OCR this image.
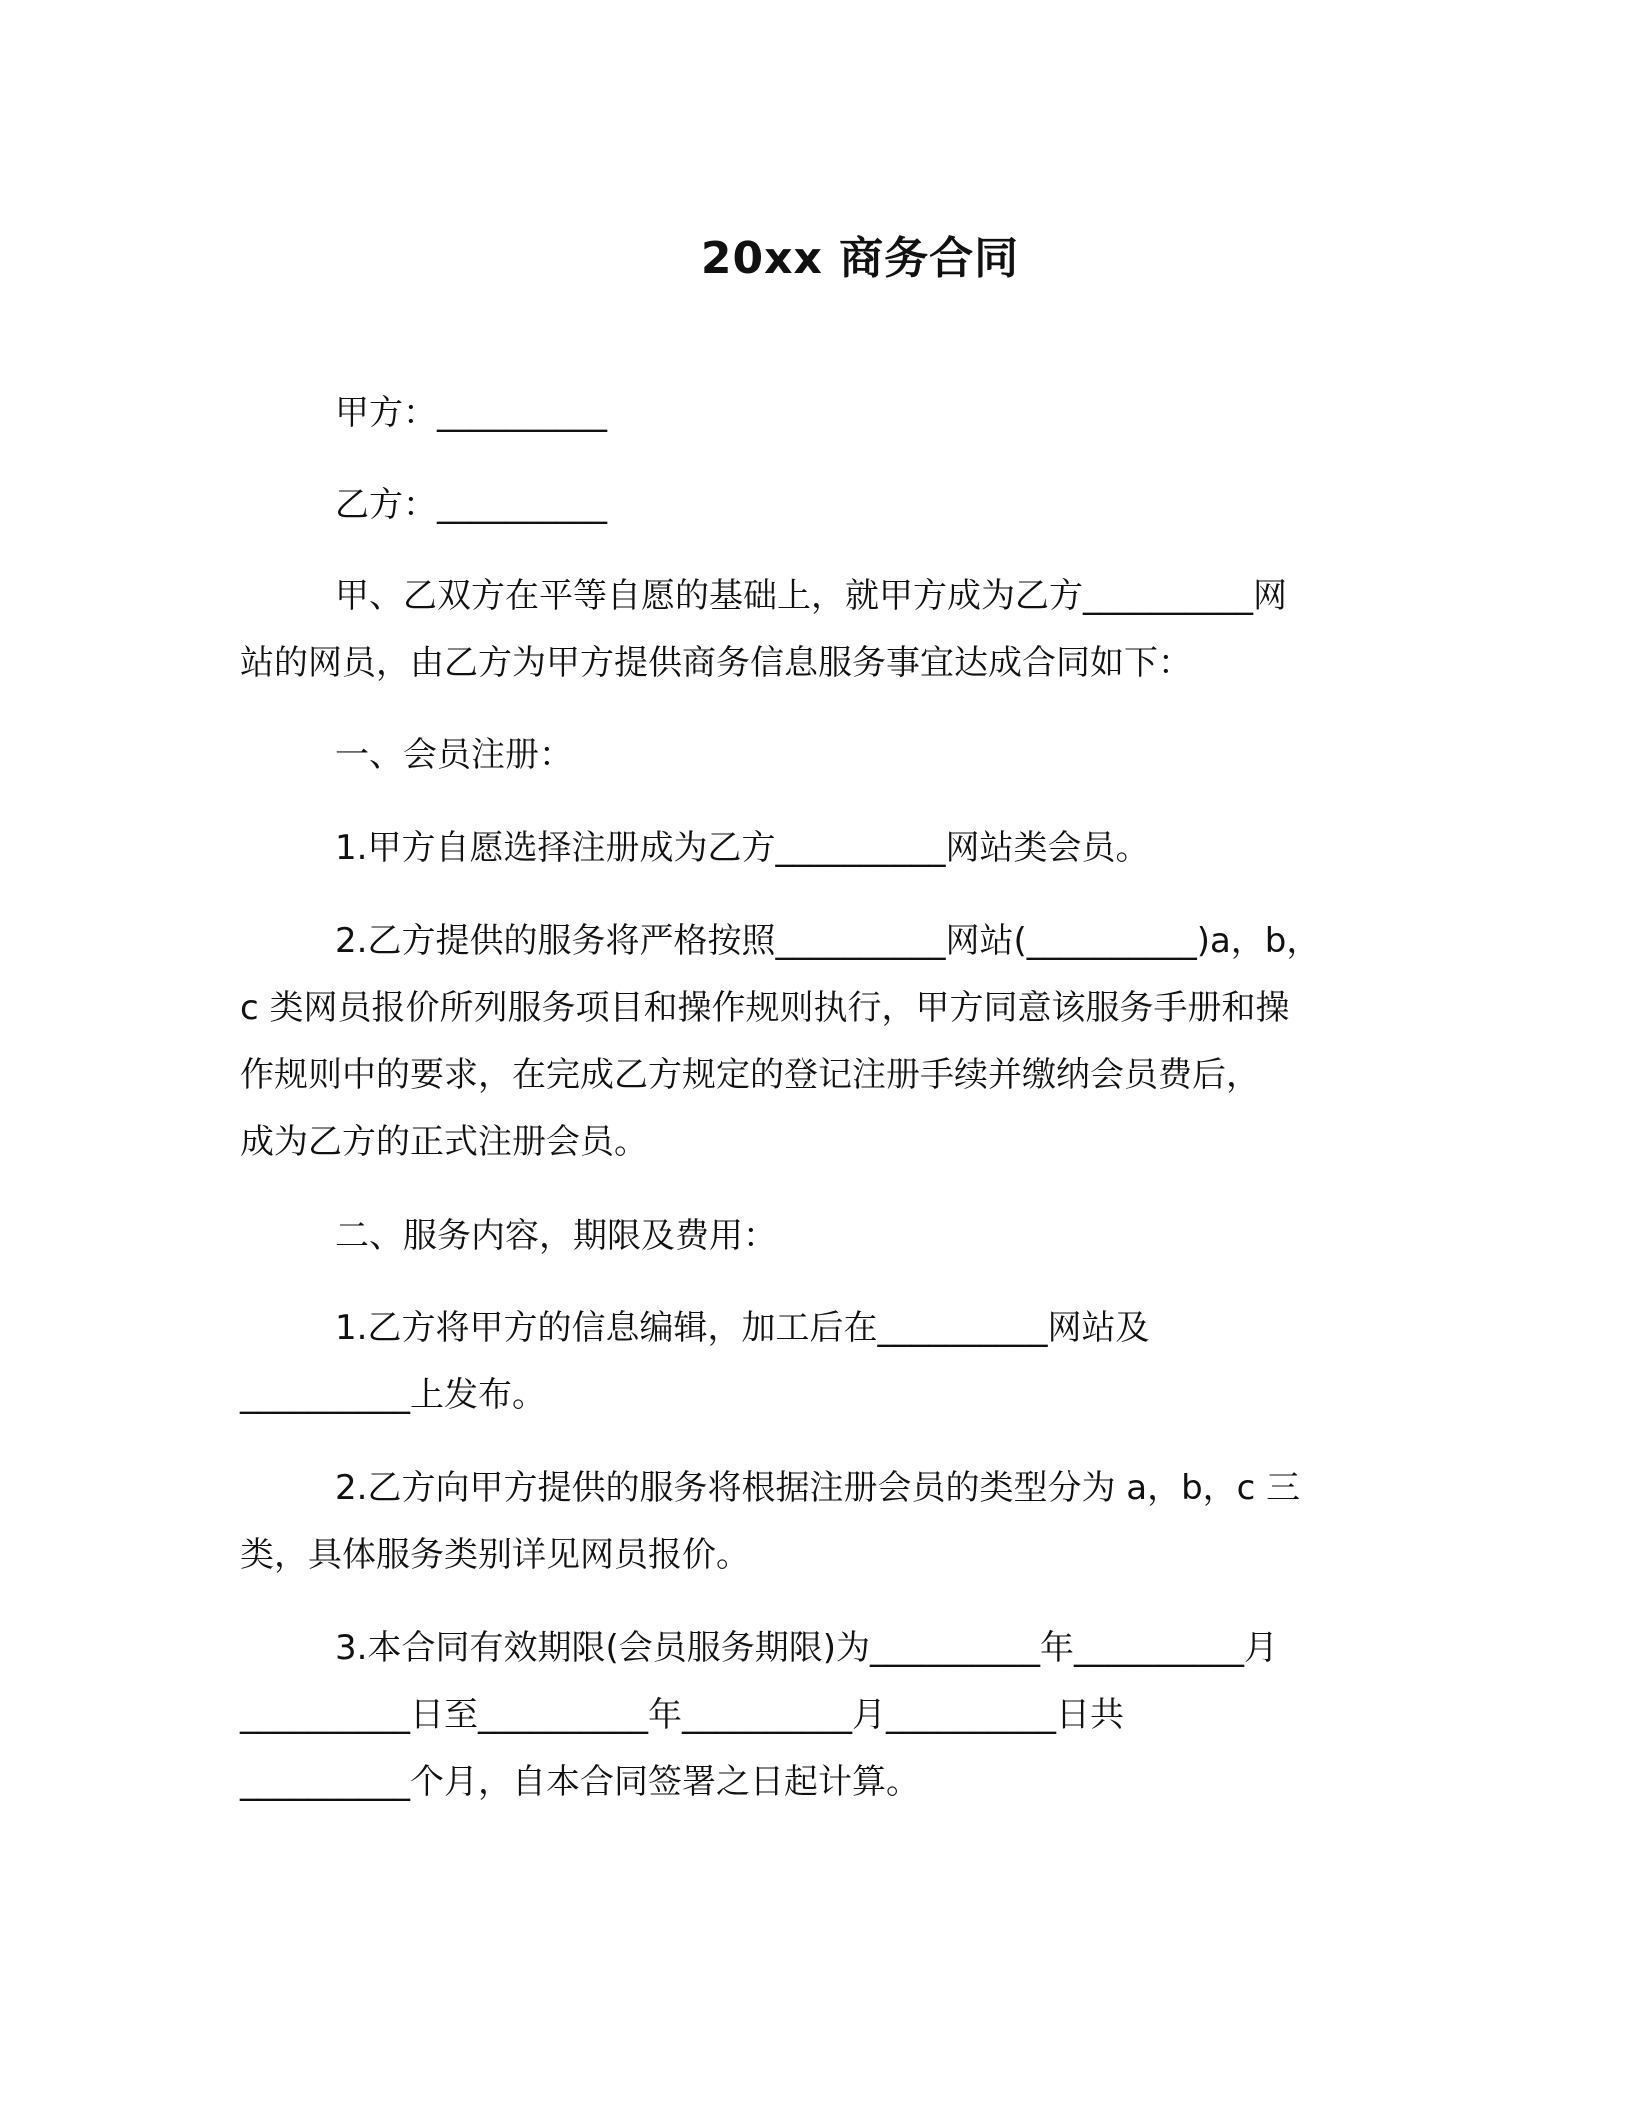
20xx 商务合同
甲方：__________
乙方：__________
甲、乙双方在平等自愿的基础上，就甲方成为乙方__________网
站的网员，由乙方为甲方提供商务信息服务事宜达成合同如下：
一、会员注册：
1.甲方自愿选择注册成为乙方__________网站类会员。
2.乙方提供的服务将严格按照__________网站(__________)a，b，
c 类网员报价所列服务项目和操作规则执行，甲方同意该服务手册和操
作规则中的要求，在完成乙方规定的登记注册手续并缴纳会员费后，
成为乙方的正式注册会员。
二、服务内容，期限及费用：
1.乙方将甲方的信息编辑，加工后在__________网站及
__________上发布。
2.乙方向甲方提供的服务将根据注册会员的类型分为 a，b，c 三
类，具体服务类别详见网员报价。
3.本合同有效期限(会员服务期限)为__________年__________月
__________日至__________年__________月__________日共
__________个月，自本合同签署之日起计算。
